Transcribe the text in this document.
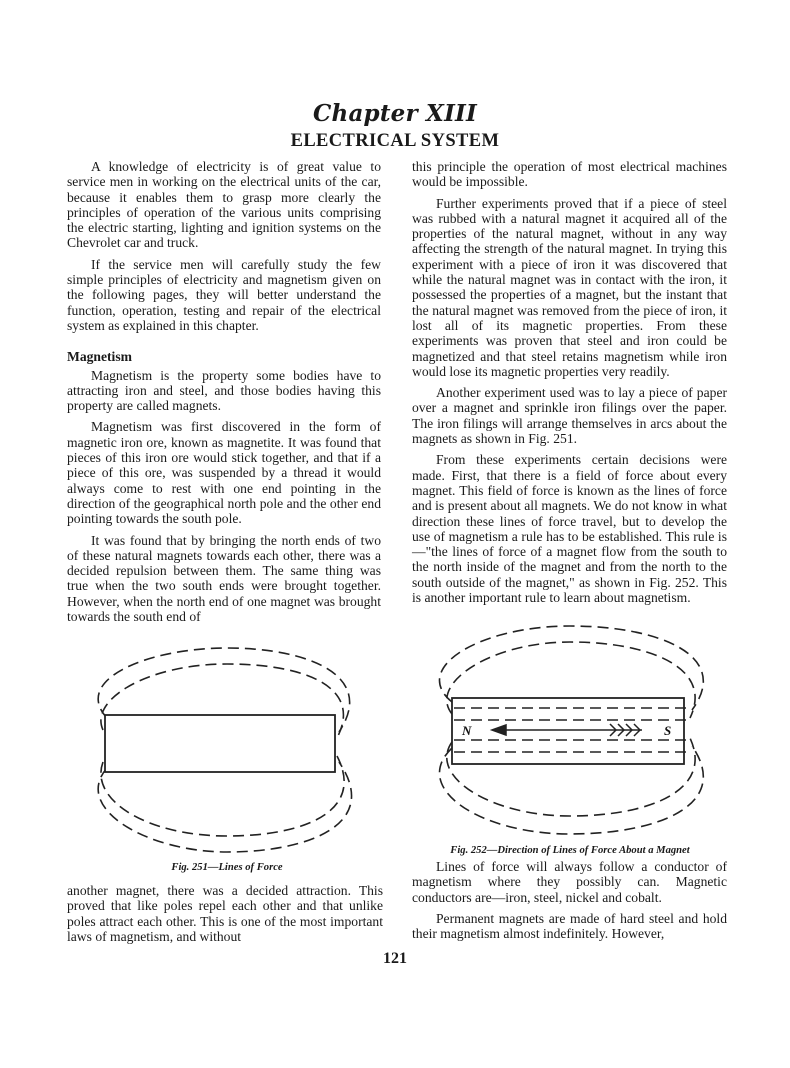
Chapter XIII
ELECTRICAL SYSTEM

A knowledge of electricity is of great value to service men in working on the electrical units of the car, because it enables them to grasp more clearly the principles of operation of the various units comprising the electric starting, lighting and ignition systems on the Chevrolet car and truck.

If the service men will carefully study the few simple principles of electricity and magnetism given on the following pages, they will better understand the function, operation, testing and repair of the electrical system as explained in this chapter.

Magnetism

Magnetism is the property some bodies have to attracting iron and steel, and those bodies having this property are called magnets.

Magnetism was first discovered in the form of magnetic iron ore, known as magnetite. It was found that pieces of this iron ore would stick together, and that if a piece of this ore, was suspended by a thread it would always come to rest with one end pointing in the direction of the geographical north pole and the other end pointing towards the south pole.

It was found that by bringing the north ends of two of these natural magnets towards each other, there was a decided repulsion between them. The same thing was true when the two south ends were brought together. However, when the north end of one magnet was brought towards the south end of

this principle the operation of most electrical machines would be impossible.

Further experiments proved that if a piece of steel was rubbed with a natural magnet it acquired all of the properties of the natural magnet, without in any way affecting the strength of the natural magnet. In trying this experiment with a piece of iron it was discovered that while the natural magnet was in contact with the iron, it possessed the properties of a magnet, but the instant that the natural magnet was removed from the piece of iron, it lost all of its magnetic properties. From these experiments was proven that steel and iron could be magnetized and that steel retains magnetism while iron would lose its magnetic properties very readily.

Another experiment used was to lay a piece of paper over a magnet and sprinkle iron filings over the paper. The iron filings will arrange themselves in arcs about the magnets as shown in Fig. 251.

From these experiments certain decisions were made. First, that there is a field of force about every magnet. This field of force is known as the lines of force and is present about all magnets. We do not know in what direction these lines of force travel, but to develop the use of magnetism a rule has to be established. This rule is—"the lines of force of a magnet flow from the south to the north inside of the magnet and from the north to the south outside of the magnet," as shown in Fig. 252. This is another important rule to learn about magnetism.

Fig. 251—Lines of Force
N	S
Fig. 252—Direction of Lines of Force About a Magnet

another magnet, there was a decided attraction. This proved that like poles repel each other and that unlike poles attract each other. This is one of the most important laws of magnetism, and without

Lines of force will always follow a conductor of magnetism where they possibly can. Magnetic conductors are—iron, steel, nickel and cobalt.

Permanent magnets are made of hard steel and hold their magnetism almost indefinitely. However,

121
